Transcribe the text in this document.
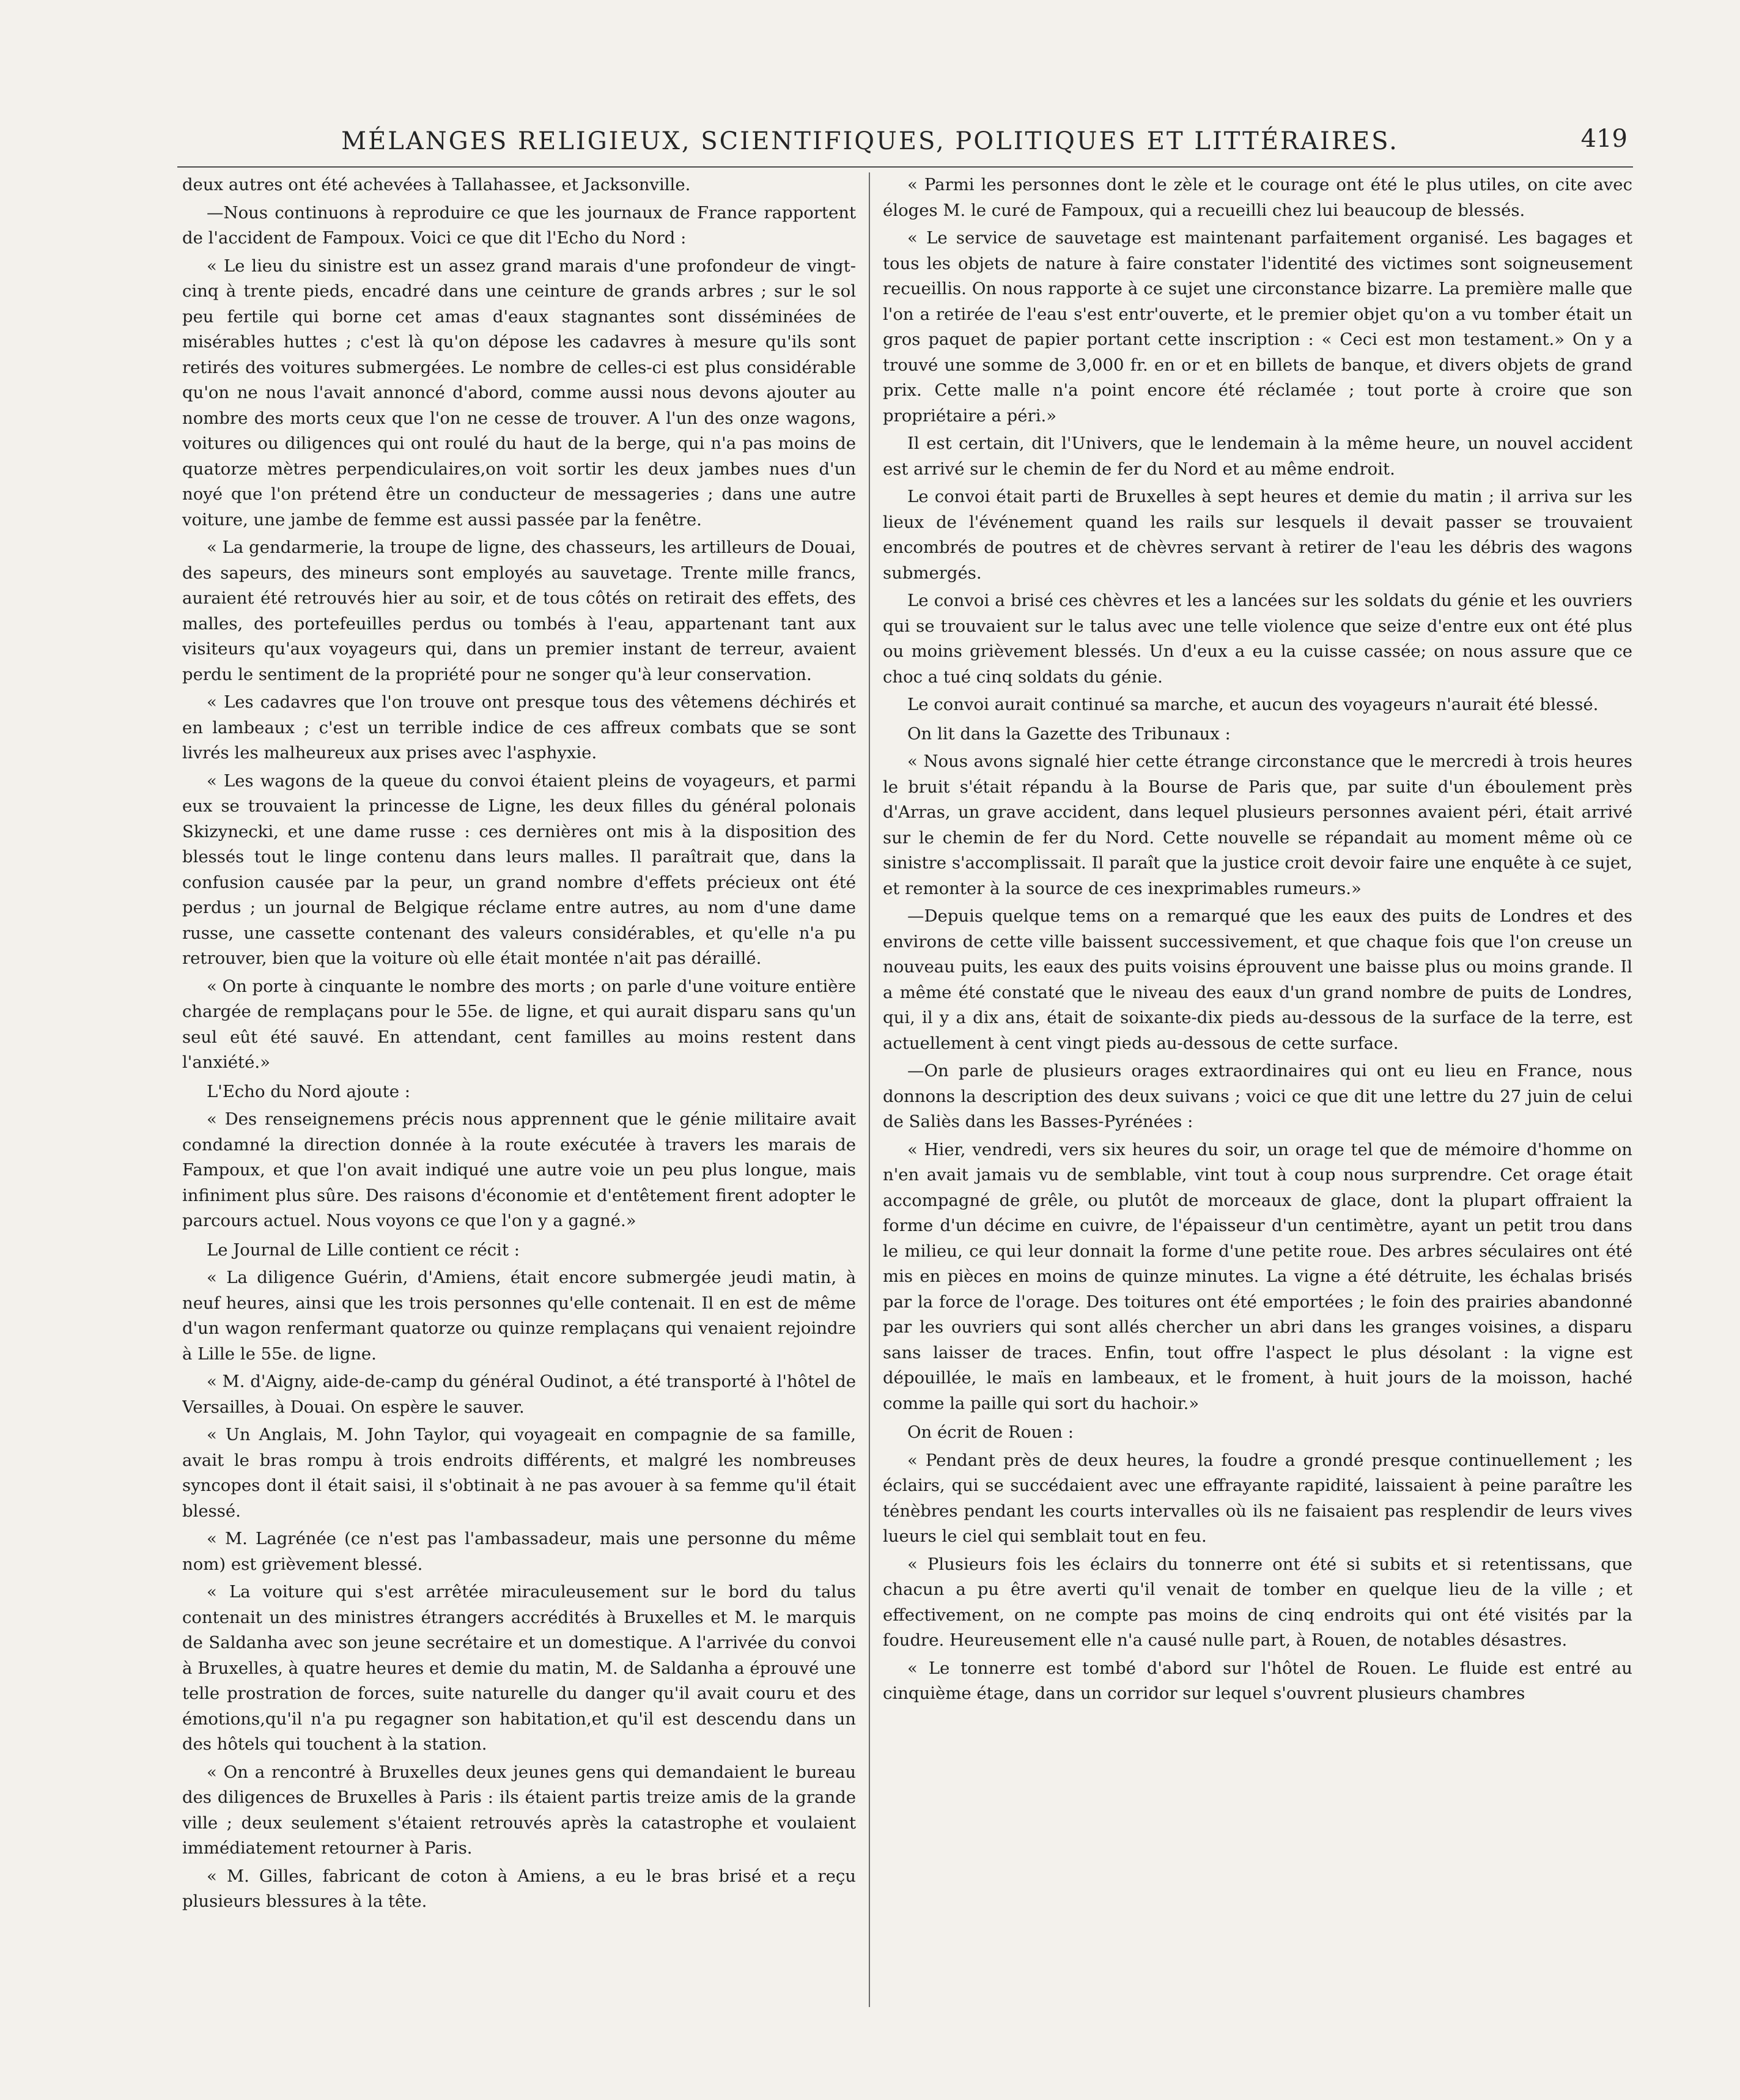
MÉLANGES RELIGIEUX, SCIENTIFIQUES, POLITIQUES ET LITTÉRAIRES.	419

deux autres ont été achevées à Tallahassee, et Jacksonville.

—Nous continuons à reproduire ce que les journaux de France rapportent de l'accident de Fampoux. Voici ce que dit l'Echo du Nord :

« Le lieu du sinistre est un assez grand marais d'une profondeur de vingt-cinq à trente pieds, encadré dans une ceinture de grands arbres ; sur le sol peu fertile qui borne cet amas d'eaux stagnantes sont disséminées de misérables huttes ; c'est là qu'on dépose les cadavres à mesure qu'ils sont retirés des voitures submergées. Le nombre de celles-ci est plus considérable qu'on ne nous l'avait annoncé d'abord, comme aussi nous devons ajouter au nombre des morts ceux que l'on ne cesse de trouver. A l'un des onze wagons, voitures ou diligences qui ont roulé du haut de la berge, qui n'a pas moins de quatorze mètres perpendiculaires,on voit sortir les deux jambes nues d'un noyé que l'on prétend être un conducteur de messageries ; dans une autre voiture, une jambe de femme est aussi passée par la fenêtre.

« La gendarmerie, la troupe de ligne, des chasseurs, les artilleurs de Douai, des sapeurs, des mineurs sont employés au sauvetage. Trente mille francs, auraient été retrouvés hier au soir, et de tous côtés on retirait des effets, des malles, des portefeuilles perdus ou tombés à l'eau, appartenant tant aux visiteurs qu'aux voyageurs qui, dans un premier instant de terreur, avaient perdu le sentiment de la propriété pour ne songer qu'à leur conservation.

« Les cadavres que l'on trouve ont presque tous des vêtemens déchirés et en lambeaux ; c'est un terrible indice de ces affreux combats que se sont livrés les malheureux aux prises avec l'asphyxie.

« Les wagons de la queue du convoi étaient pleins de voyageurs, et parmi eux se trouvaient la princesse de Ligne, les deux filles du général polonais Skizynecki, et une dame russe : ces dernières ont mis à la disposition des blessés tout le linge contenu dans leurs malles. Il paraîtrait que, dans la confusion causée par la peur, un grand nombre d'effets précieux ont été perdus ; un journal de Belgique réclame entre autres, au nom d'une dame russe, une cassette contenant des valeurs considérables, et qu'elle n'a pu retrouver, bien que la voiture où elle était montée n'ait pas déraillé.

« On porte à cinquante le nombre des morts ; on parle d'une voiture entière chargée de remplaçans pour le 55e. de ligne, et qui aurait disparu sans qu'un seul eût été sauvé. En attendant, cent familles au moins restent dans l'anxiété.»

L'Echo du Nord ajoute :

« Des renseignemens précis nous apprennent que le génie militaire avait condamné la direction donnée à la route exécutée à travers les marais de Fampoux, et que l'on avait indiqué une autre voie un peu plus longue, mais infiniment plus sûre. Des raisons d'économie et d'entêtement firent adopter le parcours actuel. Nous voyons ce que l'on y a gagné.»

Le Journal de Lille contient ce récit :

« La diligence Guérin, d'Amiens, était encore submergée jeudi matin, à neuf heures, ainsi que les trois personnes qu'elle contenait. Il en est de même d'un wagon renfermant quatorze ou quinze remplaçans qui venaient rejoindre à Lille le 55e. de ligne.

« M. d'Aigny, aide-de-camp du général Oudinot, a été transporté à l'hôtel de Versailles, à Douai. On espère le sauver.

« Un Anglais, M. John Taylor, qui voyageait en compagnie de sa famille, avait le bras rompu à trois endroits différents, et malgré les nombreuses syncopes dont il était saisi, il s'obtinait à ne pas avouer à sa femme qu'il était blessé.

« M. Lagrénée (ce n'est pas l'ambassadeur, mais une personne du même nom) est grièvement blessé.

« La voiture qui s'est arrêtée miraculeusement sur le bord du talus contenait un des ministres étrangers accrédités à Bruxelles et M. le marquis de Saldanha avec son jeune secrétaire et un domestique. A l'arrivée du convoi à Bruxelles, à quatre heures et demie du matin, M. de Saldanha a éprouvé une telle prostration de forces, suite naturelle du danger qu'il avait couru et des émotions,qu'il n'a pu regagner son habitation,et qu'il est descendu dans un des hôtels qui touchent à la station.

« On a rencontré à Bruxelles deux jeunes gens qui demandaient le bureau des diligences de Bruxelles à Paris : ils étaient partis treize amis de la grande ville ; deux seulement s'étaient retrouvés après la catastrophe et voulaient immédiatement retourner à Paris.

« M. Gilles, fabricant de coton à Amiens, a eu le bras brisé et a reçu plusieurs blessures à la tête.

« Parmi les personnes dont le zèle et le courage ont été le plus utiles, on cite avec éloges M. le curé de Fampoux, qui a recueilli chez lui beaucoup de blessés.

« Le service de sauvetage est maintenant parfaitement organisé. Les bagages et tous les objets de nature à faire constater l'identité des victimes sont soigneusement recueillis. On nous rapporte à ce sujet une circonstance bizarre. La première malle que l'on a retirée de l'eau s'est entr'ouverte, et le premier objet qu'on a vu tomber était un gros paquet de papier portant cette inscription : « Ceci est mon testament.» On y a trouvé une somme de 3,000 fr. en or et en billets de banque, et divers objets de grand prix. Cette malle n'a point encore été réclamée ; tout porte à croire que son propriétaire a péri.»

Il est certain, dit l'Univers, que le lendemain à la même heure, un nouvel accident est arrivé sur le chemin de fer du Nord et au même endroit.

Le convoi était parti de Bruxelles à sept heures et demie du matin ; il arriva sur les lieux de l'événement quand les rails sur lesquels il devait passer se trouvaient encombrés de poutres et de chèvres servant à retirer de l'eau les débris des wagons submergés.

Le convoi a brisé ces chèvres et les a lancées sur les soldats du génie et les ouvriers qui se trouvaient sur le talus avec une telle violence que seize d'entre eux ont été plus ou moins grièvement blessés. Un d'eux a eu la cuisse cassée; on nous assure que ce choc a tué cinq soldats du génie.

Le convoi aurait continué sa marche, et aucun des voyageurs n'aurait été blessé.

On lit dans la Gazette des Tribunaux :

« Nous avons signalé hier cette étrange circonstance que le mercredi à trois heures le bruit s'était répandu à la Bourse de Paris que, par suite d'un éboulement près d'Arras, un grave accident, dans lequel plusieurs personnes avaient péri, était arrivé sur le chemin de fer du Nord. Cette nouvelle se répandait au moment même où ce sinistre s'accomplissait. Il paraît que la justice croit devoir faire une enquête à ce sujet, et remonter à la source de ces inexprimables rumeurs.»

—Depuis quelque tems on a remarqué que les eaux des puits de Londres et des environs de cette ville baissent successivement, et que chaque fois que l'on creuse un nouveau puits, les eaux des puits voisins éprouvent une baisse plus ou moins grande. Il a même été constaté que le niveau des eaux d'un grand nombre de puits de Londres, qui, il y a dix ans, était de soixante-dix pieds au-dessous de la surface de la terre, est actuellement à cent vingt pieds au-dessous de cette surface.

—On parle de plusieurs orages extraordinaires qui ont eu lieu en France, nous donnons la description des deux suivans ; voici ce que dit une lettre du 27 juin de celui de Saliès dans les Basses-Pyrénées :

« Hier, vendredi, vers six heures du soir, un orage tel que de mémoire d'homme on n'en avait jamais vu de semblable, vint tout à coup nous surprendre. Cet orage était accompagné de grêle, ou plutôt de morceaux de glace, dont la plupart offraient la forme d'un décime en cuivre, de l'épaisseur d'un centimètre, ayant un petit trou dans le milieu, ce qui leur donnait la forme d'une petite roue. Des arbres séculaires ont été mis en pièces en moins de quinze minutes. La vigne a été détruite, les échalas brisés par la force de l'orage. Des toitures ont été emportées ; le foin des prairies abandonné par les ouvriers qui sont allés chercher un abri dans les granges voisines, a disparu sans laisser de traces. Enfin, tout offre l'aspect le plus désolant : la vigne est dépouillée, le maïs en lambeaux, et le froment, à huit jours de la moisson, haché comme la paille qui sort du hachoir.»

On écrit de Rouen :

« Pendant près de deux heures, la foudre a grondé presque continuellement ; les éclairs, qui se succédaient avec une effrayante rapidité, laissaient à peine paraître les ténèbres pendant les courts intervalles où ils ne faisaient pas resplendir de leurs vives lueurs le ciel qui semblait tout en feu.

« Plusieurs fois les éclairs du tonnerre ont été si subits et si retentissans, que chacun a pu être averti qu'il venait de tomber en quelque lieu de la ville ; et effectivement, on ne compte pas moins de cinq endroits qui ont été visités par la foudre. Heureusement elle n'a causé nulle part, à Rouen, de notables désastres.

« Le tonnerre est tombé d'abord sur l'hôtel de Rouen. Le fluide est entré au cinquième étage, dans un corridor sur lequel s'ouvrent plusieurs chambres
